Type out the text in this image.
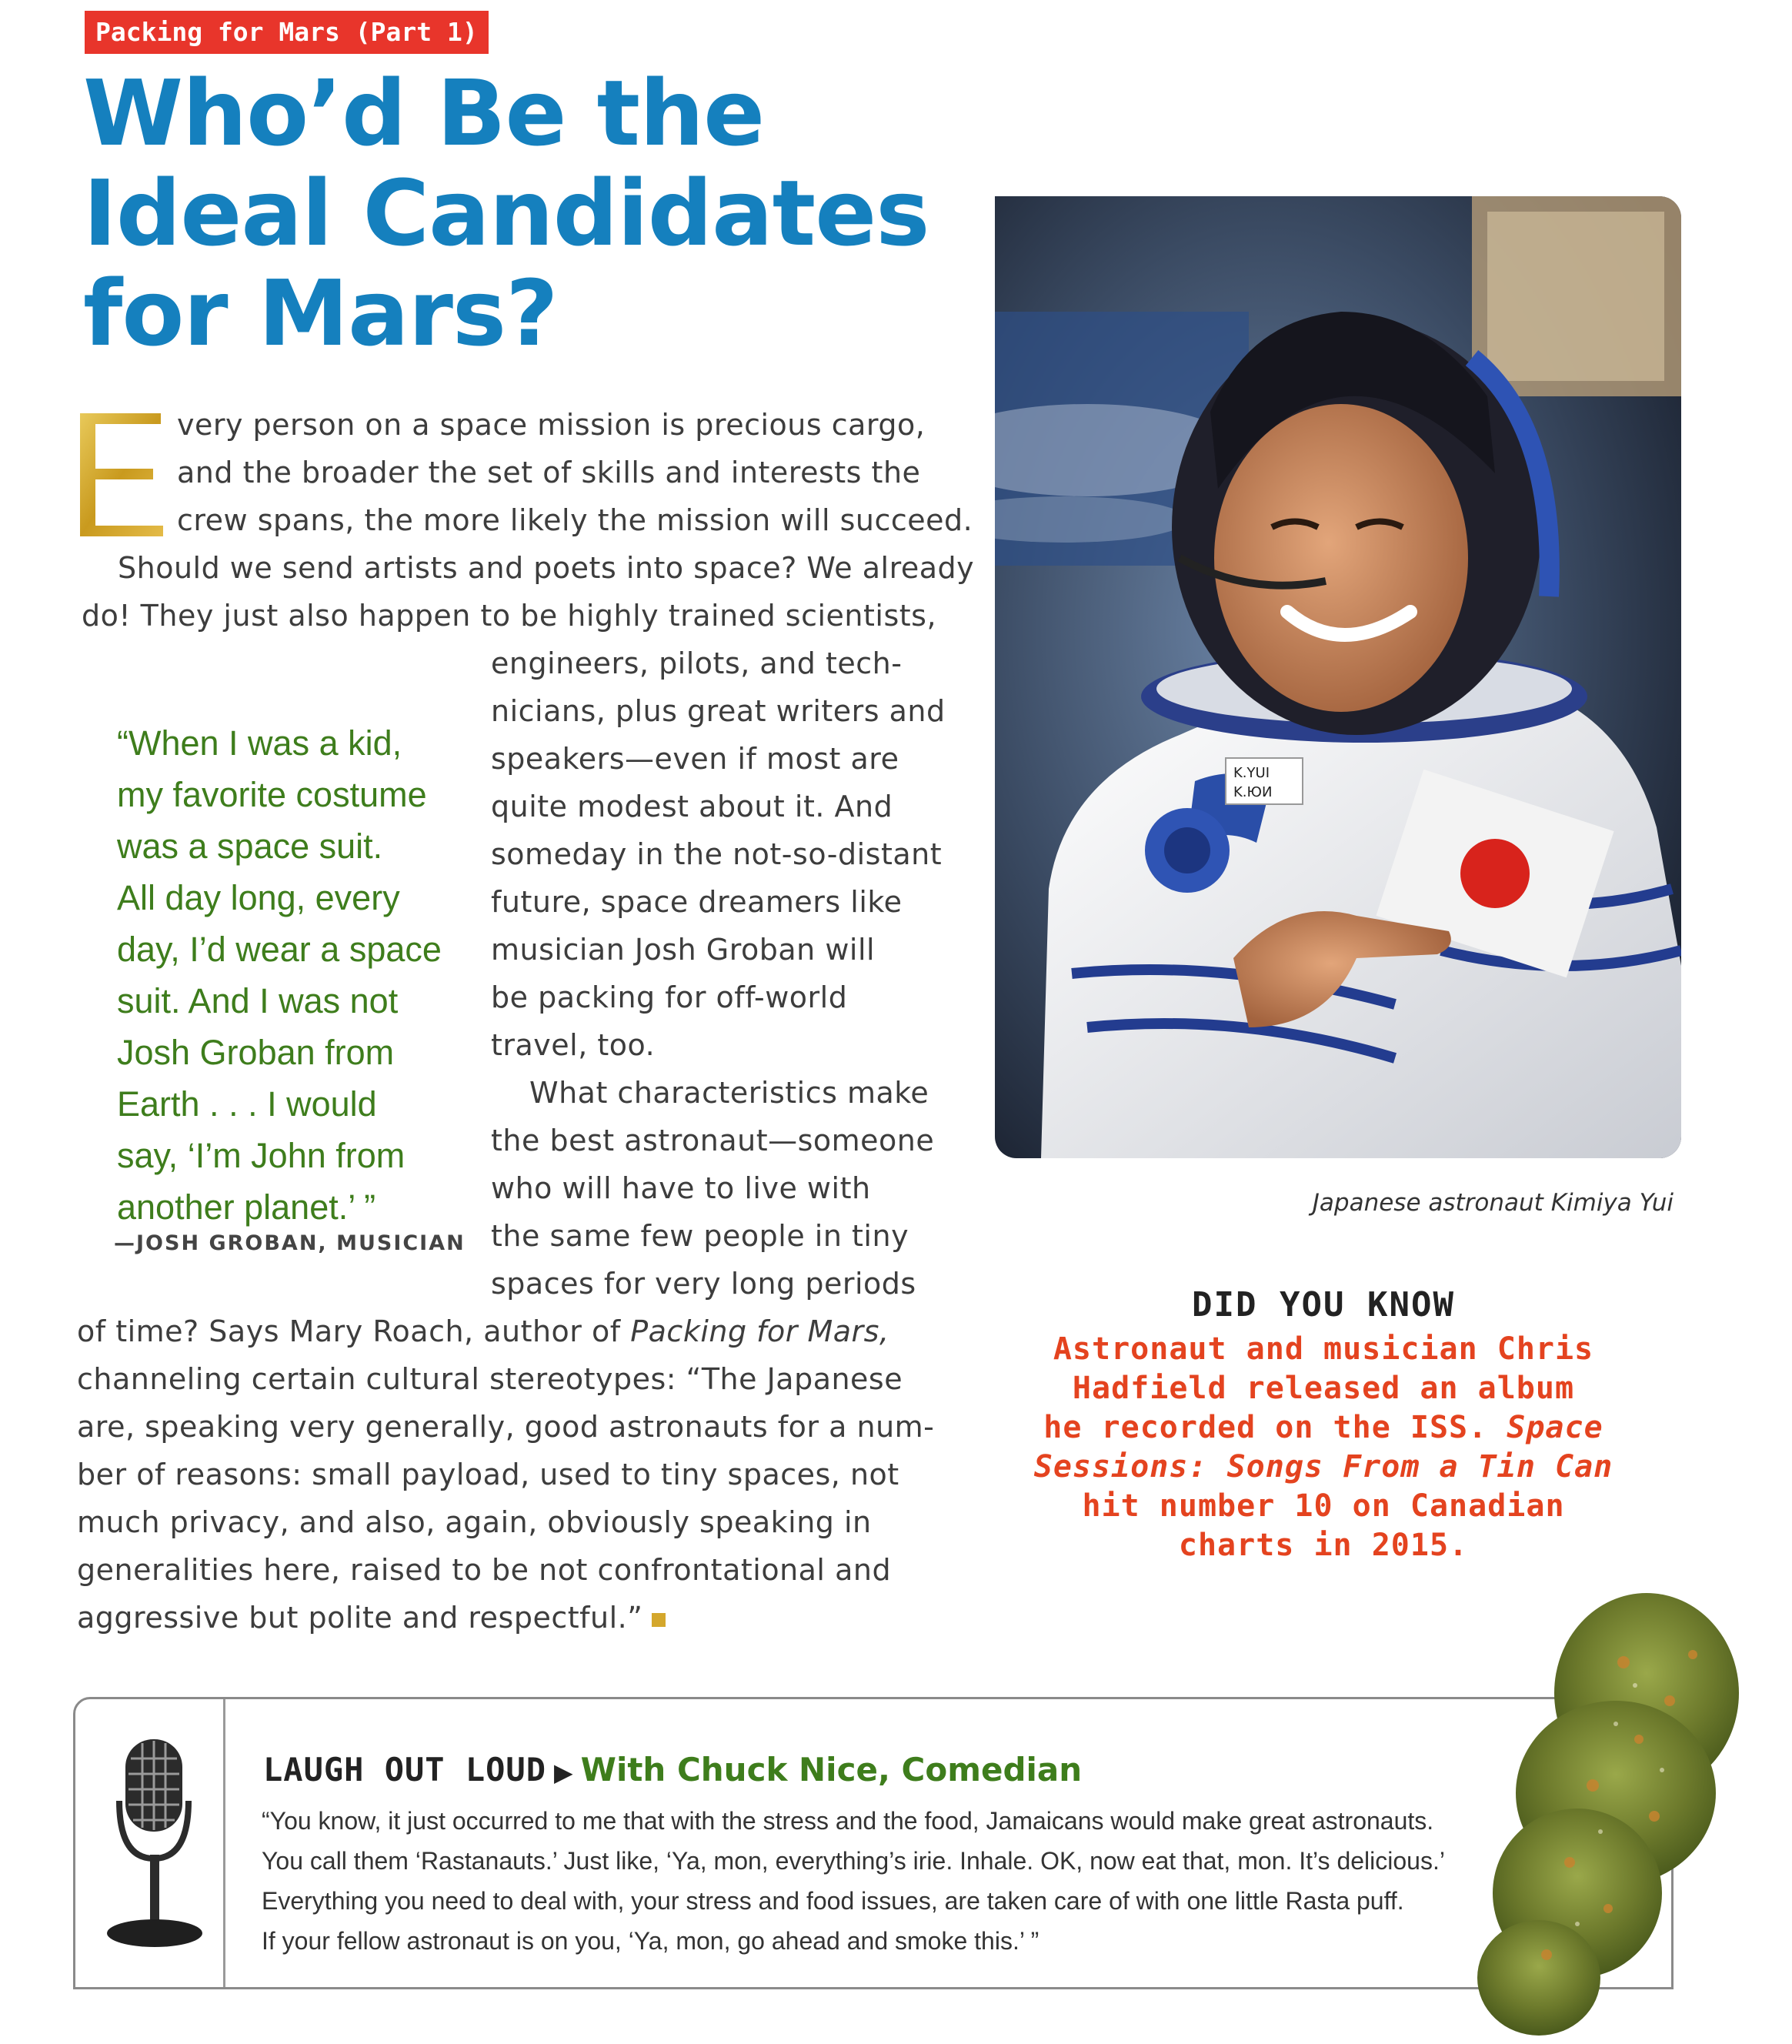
Packing for Mars (Part 1)
Who’d Be the
Ideal Candidates
for Mars?
very person on a space mission is precious cargo,
and the broader the set of skills and interests the
crew spans, the more likely the mission will succeed.
Should we send artists and poets into space? We already
do! They just also happen to be highly trained scientists,
engineers, pilots, and tech-
nicians, plus great writers and
speakers—even if most are
quite modest about it. And
someday in the not-so-distant
future, space dreamers like
musician Josh Groban will
be packing for off-world
travel, too.
What characteristics make
the best astronaut—someone
who will have to live with
the same few people in tiny
spaces for very long periods
of time? Says Mary Roach, author of Packing for Mars,
channeling certain cultural stereotypes: “The Japanese
are, speaking very generally, good astronauts for a num-
ber of reasons: small payload, used to tiny spaces, not
much privacy, and also, again, obviously speaking in
generalities here, raised to be not confrontational and
aggressive but polite and respectful.”
“When I was a kid,
my favorite costume
was a space suit.
All day long, every
day, I’d wear a space
suit. And I was not
Josh Groban from
Earth . . . I would
say, ‘I’m John from
another planet.’ ”
—JOSH GROBAN, MUSICIAN
K.YUI
K.ЮИ
Japanese astronaut Kimiya Yui
DID YOU KNOW
Astronaut and musician Chris
Hadfield released an album
he recorded on the ISS. Space
Sessions: Songs From a Tin Can
hit number 10 on Canadian
charts in 2015.
LAUGH OUT LOUD ▶ With Chuck Nice, Comedian
“You know, it just occurred to me that with the stress and the food, Jamaicans would make great astronauts.
You call them ‘Rastanauts.’ Just like, ‘Ya, mon, everything’s irie. Inhale. OK, now eat that, mon. It’s delicious.’
Everything you need to deal with, your stress and food issues, are taken care of with one little Rasta puff.
If your fellow astronaut is on you, ‘Ya, mon, go ahead and smoke this.’ ”
